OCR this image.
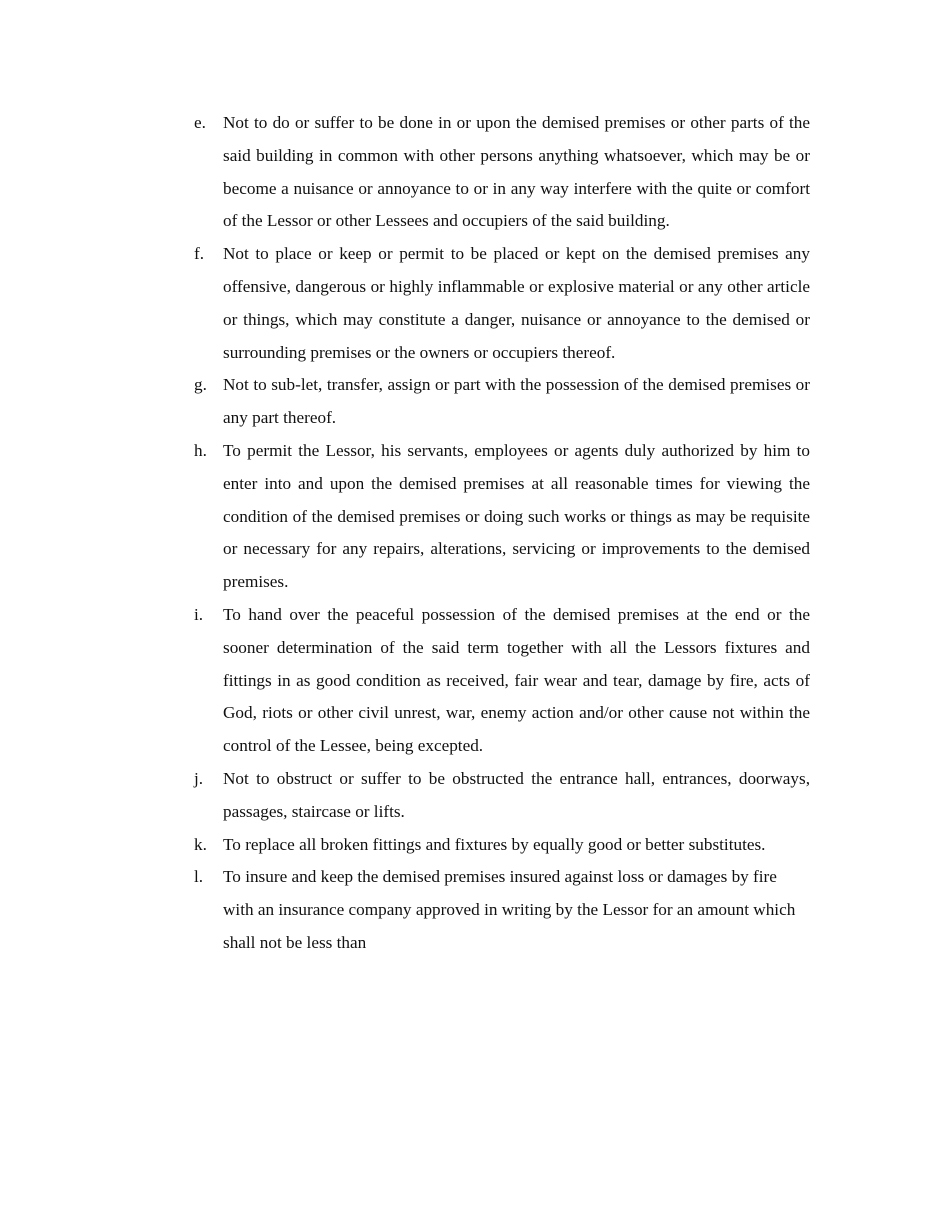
e. Not to do or suffer to be done in or upon the demised premises or other parts of the said building in common with other persons anything whatsoever, which may be or become a nuisance or annoyance to or in any way interfere with the quite or comfort of the Lessor or other Lessees and occupiers of the said building.
f. Not to place or keep or permit to be placed or kept on the demised premises any offensive, dangerous or highly inflammable or explosive material or any other article or things, which may constitute a danger, nuisance or annoyance to the demised or surrounding premises or the owners or occupiers thereof.
g. Not to sub-let, transfer, assign or part with the possession of the demised premises or any part thereof.
h. To permit the Lessor, his servants, employees or agents duly authorized by him to enter into and upon the demised premises at all reasonable times for viewing the condition of the demised premises or doing such works or things as may be requisite or necessary for any repairs, alterations, servicing or improvements to the demised premises.
i. To hand over the peaceful possession of the demised premises at the end or the sooner determination of the said term together with all the Lessors fixtures and fittings in as good condition as received, fair wear and tear, damage by fire, acts of God, riots or other civil unrest, war, enemy action and/or other cause not within the control of the Lessee, being excepted.
j. Not to obstruct or suffer to be obstructed the entrance hall, entrances, doorways, passages, staircase or lifts.
k. To replace all broken fittings and fixtures by equally good or better substitutes.
l. To insure and keep the demised premises insured against loss or damages by fire with an insurance company approved in writing by the Lessor for an amount which shall not be less than
